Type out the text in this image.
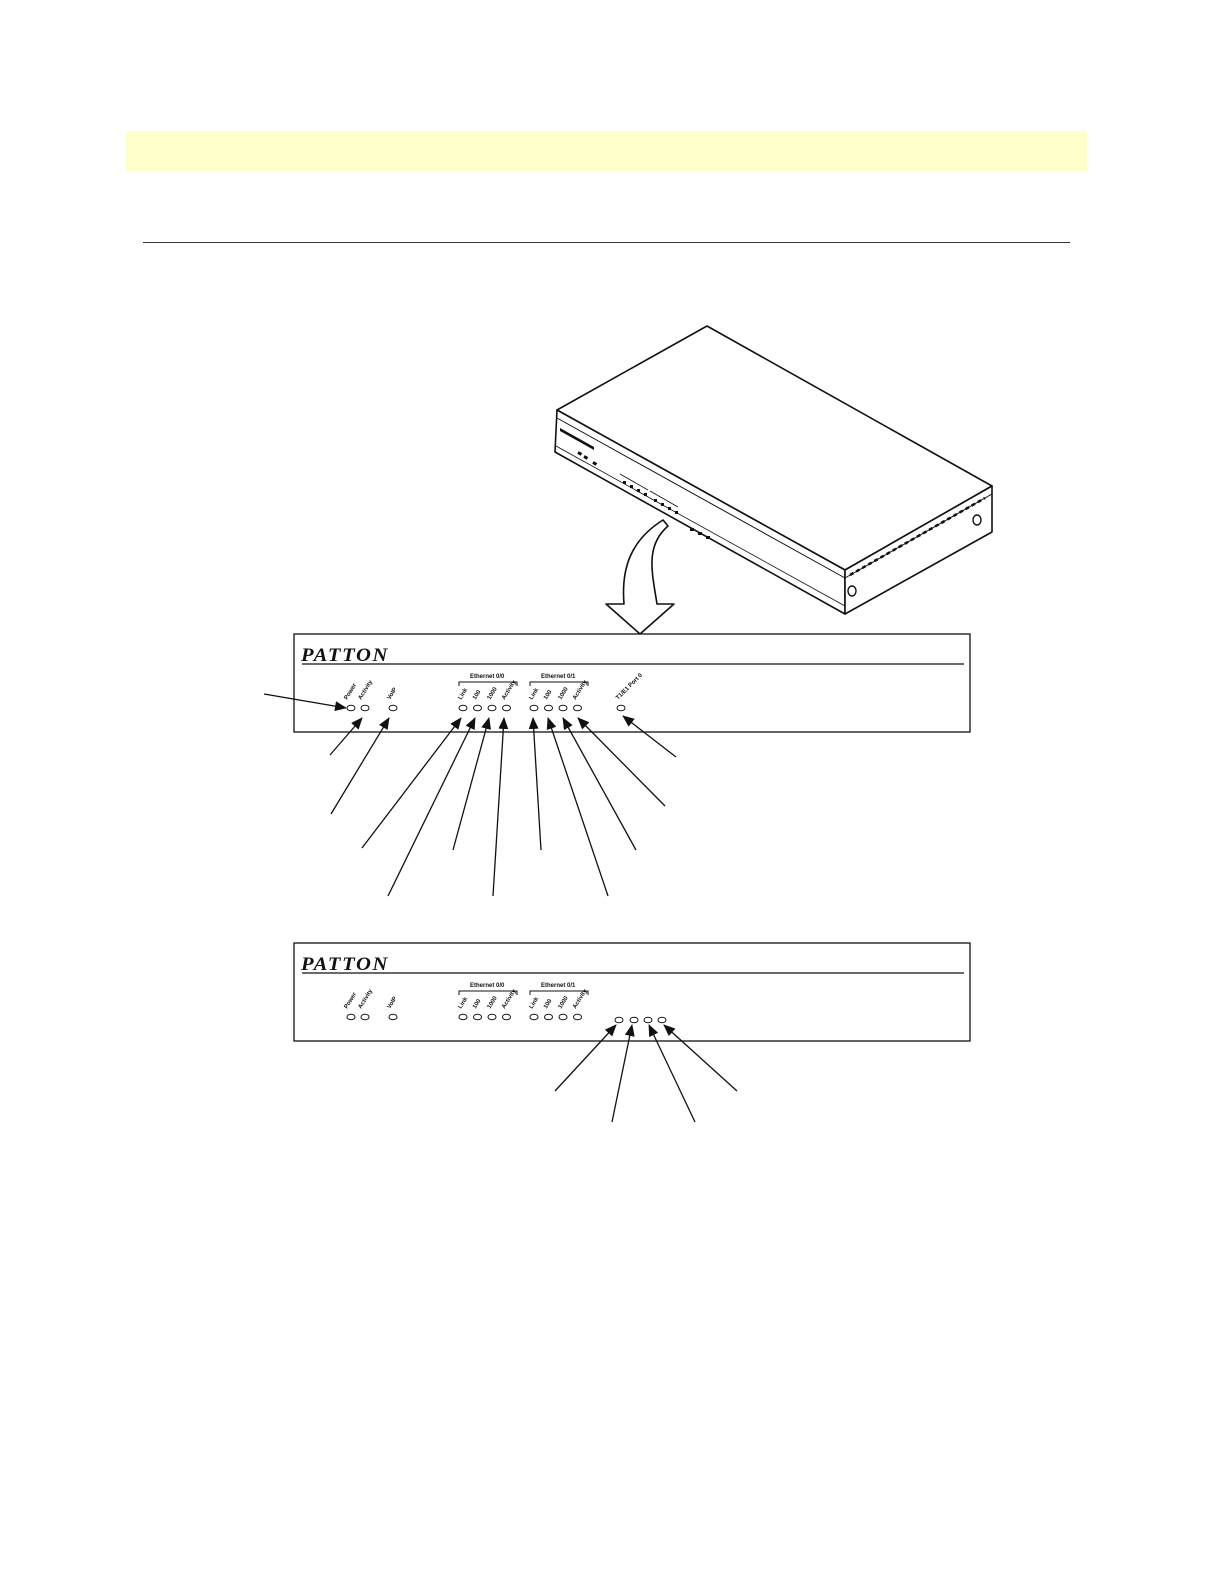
PATTON
Power Activity VoIP
Ethernet 0/0
Link 100 1000 Activity
Ethernet 0/1
Link 100 1000 Activity	T1/E1 Port 0
PATTON
Power Activity VoIP
Ethernet 0/0
Link 100 1000 Activity
Ethernet 0/1
Link 100 1000 Activity
